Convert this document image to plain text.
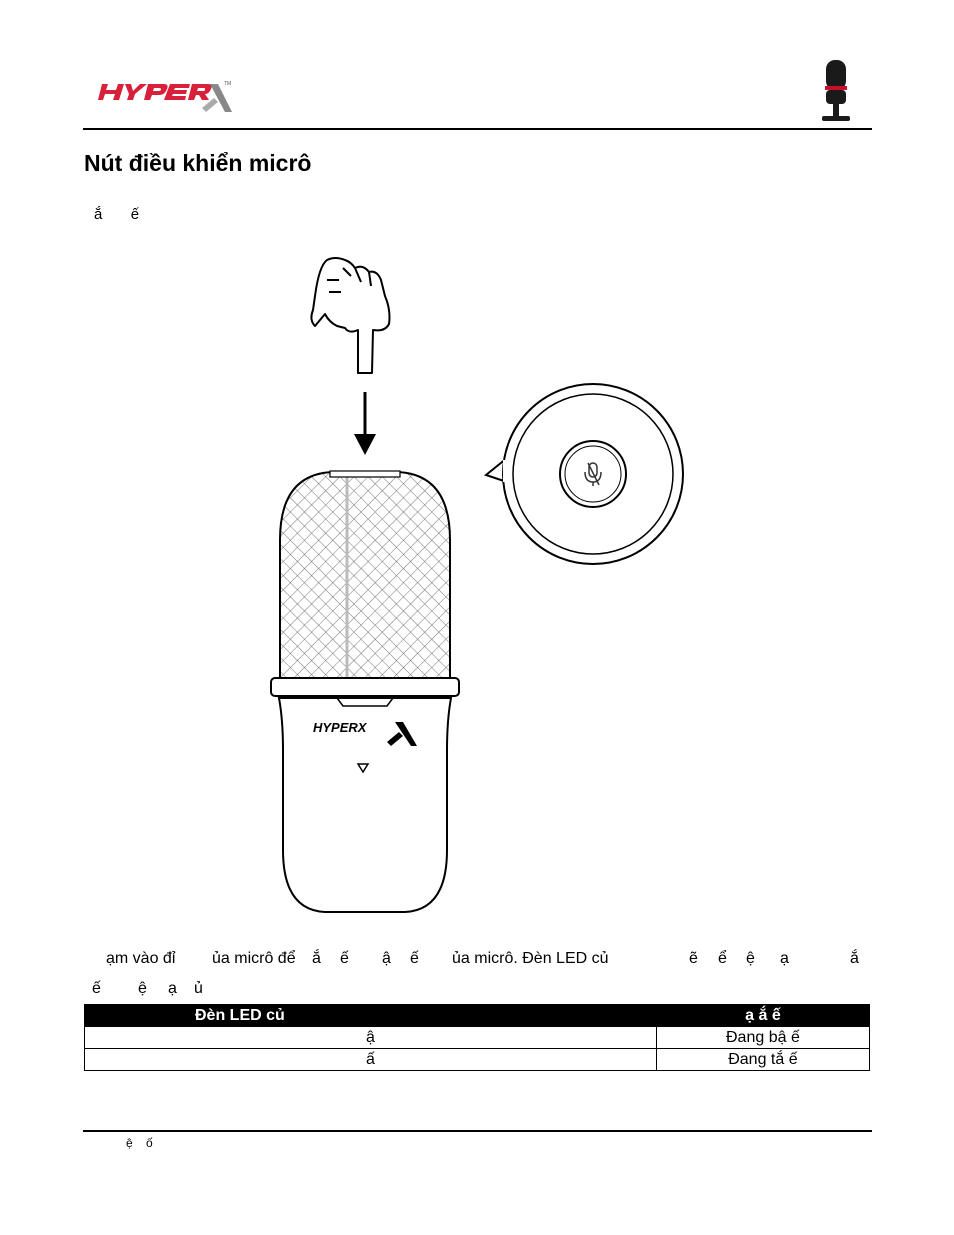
TM
Nút điều khiển micrô
ắ ế
HYPERX
ạm vào đỉ ủa micrô để ắ ế ậ ế ủa micrô. Đèn LED củ	ẽ ể ệ ạ	ắ
ế ệ ạ ủ
Đèn LED củ	ạ ắ ế
ậ	Đang bậ ế
ấ	Đang tắ ế
ệ    ố
